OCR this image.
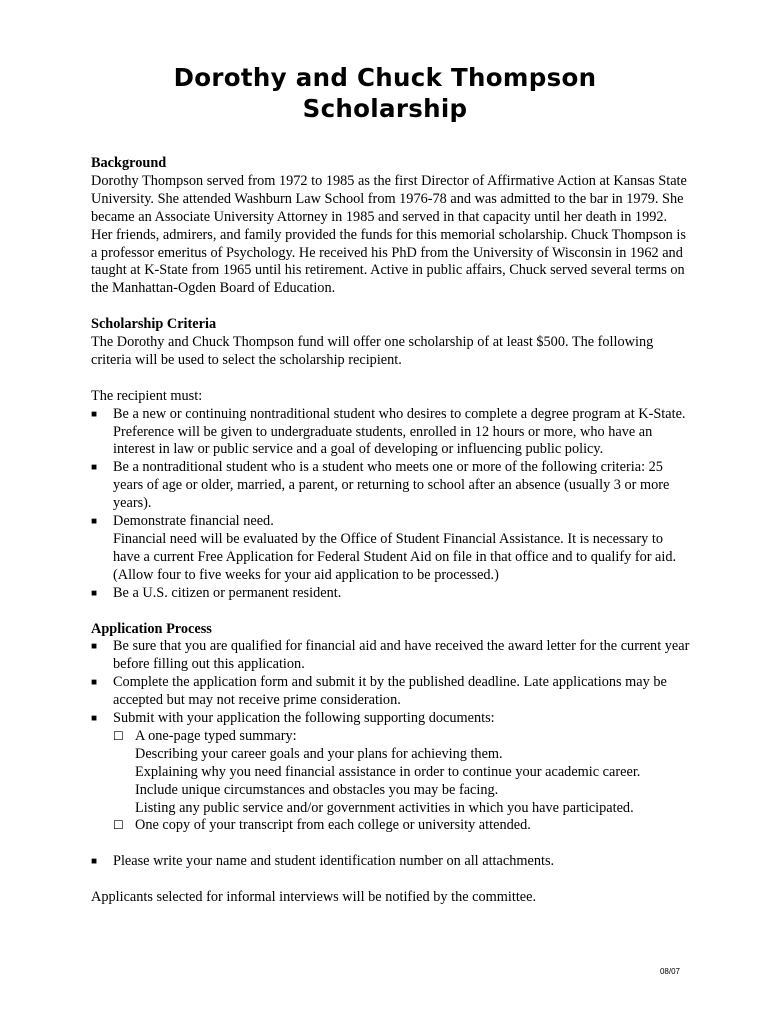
Dorothy and Chuck Thompson
Scholarship
Background

Dorothy Thompson served from 1972 to 1985 as the first Director of Affirmative Action at Kansas State University. She attended Washburn Law School from 1976-78 and was admitted to the bar in 1979. She became an Associate University Attorney in 1985 and served in that capacity until her death in 1992. Her friends, admirers, and family provided the funds for this memorial scholarship. Chuck Thompson is a professor emeritus of Psychology. He received his PhD from the University of Wisconsin in 1962 and taught at K-State from 1965 until his retirement. Active in public affairs, Chuck served several terms on the Manhattan-Ogden Board of Education.

Scholarship Criteria

The Dorothy and Chuck Thompson fund will offer one scholarship of at least $500. The following criteria will be used to select the scholarship recipient.

The recipient must:

■ Be a new or continuing nontraditional student who desires to complete a degree program at K-State. Preference will be given to undergraduate students, enrolled in 12 hours or more, who have an interest in law or public service and a goal of developing or influencing public policy.
■ Be a nontraditional student who is a student who meets one or more of the following criteria: 25 years of age or older, married, a parent, or returning to school after an absence (usually 3 or more years).
■ Demonstrate financial need.
Financial need will be evaluated by the Office of Student Financial Assistance. It is necessary to have a current Free Application for Federal Student Aid on file in that office and to qualify for aid. (Allow four to five weeks for your aid application to be processed.)
■ Be a U.S. citizen or permanent resident.
Application Process
■ Be sure that you are qualified for financial aid and have received the award letter for the current year before filling out this application.
■ Complete the application form and submit it by the published deadline. Late applications may be accepted but may not receive prime consideration.
■ Submit with your application the following supporting documents:
☐ A one-page typed summary:
Describing your career goals and your plans for achieving them.
Explaining why you need financial assistance in order to continue your academic career.
Include unique circumstances and obstacles you may be facing.
Listing any public service and/or government activities in which you have participated.
☐ One copy of your transcript from each college or university attended.
■ Please write your name and student identification number on all attachments.

Applicants selected for informal interviews will be notified by the committee.

08/07
